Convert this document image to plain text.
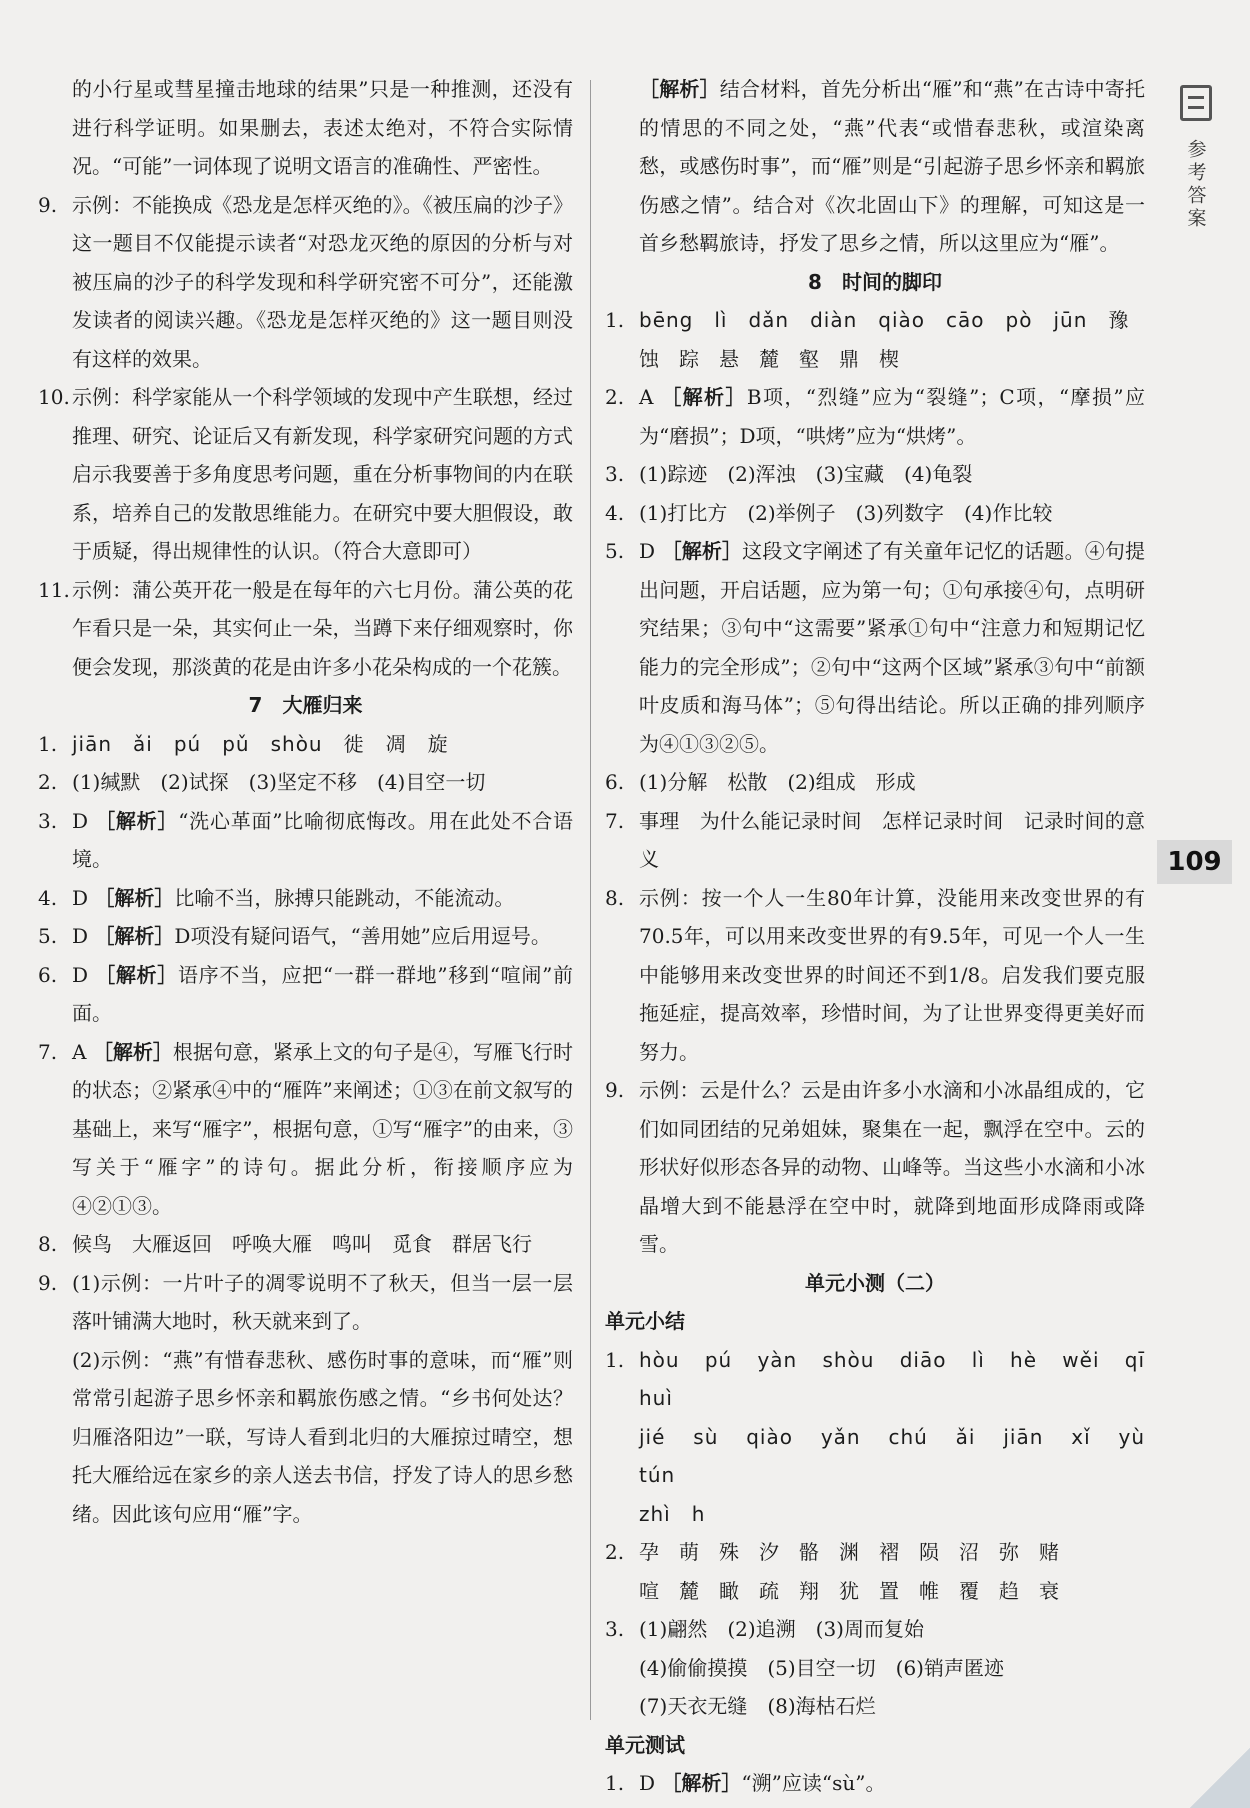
的小行星或彗星撞击地球的结果”只是一种推测，还没有进行科学证明。如果删去，表述太绝对，不符合实际情况。“可能”一词体现了说明文语言的准确性、严密性。

9. 示例：不能换成《恐龙是怎样灭绝的》。《被压扁的沙子》这一题目不仅能提示读者“对恐龙灭绝的原因的分析与对被压扁的沙子的科学发现和科学研究密不可分”，还能激发读者的阅读兴趣。《恐龙是怎样灭绝的》这一题目则没有这样的效果。
10. 示例：科学家能从一个科学领域的发现中产生联想，经过推理、研究、论证后又有新发现，科学家研究问题的方式启示我要善于多角度思考问题，重在分析事物间的内在联系，培养自己的发散思维能力。在研究中要大胆假设，敢于质疑，得出规律性的认识。（符合大意即可）
11. 示例：蒲公英开花一般是在每年的六七月份。蒲公英的花乍看只是一朵，其实何止一朵，当蹲下来仔细观察时，你便会发现，那淡黄的花是由许多小花朵构成的一个花簇。

7　大雁归来

1. jiān　ǎi　pú　pǔ　shòu　徙　凋　旋
2. (1)缄默　(2)试探　(3)坚定不移　(4)目空一切
3. D ［解析］“洗心革面”比喻彻底悔改。用在此处不合语境。
4. D ［解析］比喻不当，脉搏只能跳动，不能流动。
5. D ［解析］D项没有疑问语气，“善用她”应后用逗号。
6. D ［解析］语序不当，应把“一群一群地”移到“喧闹”前面。
7. A ［解析］根据句意，紧承上文的句子是④，写雁飞行时的状态；②紧承④中的“雁阵”来阐述；①③在前文叙写的基础上，来写“雁字”，根据句意，①写“雁字”的由来，③写关于“雁字”的诗句。据此分析，衔接顺序应为④②①③。
8. 候鸟　大雁返回　呼唤大雁　鸣叫　觅食　群居飞行
9. (1)示例：一片叶子的凋零说明不了秋天，但当一层一层落叶铺满大地时，秋天就来到了。
(2)示例：“燕”有惜春悲秋、感伤时事的意味，而“雁”则常常引起游子思乡怀亲和羁旅伤感之情。“乡书何处达？归雁洛阳边”一联，写诗人看到北归的大雁掠过晴空，想托大雁给远在家乡的亲人送去书信，抒发了诗人的思乡愁绪。因此该句应用“雁”字。

［解析］结合材料，首先分析出“雁”和“燕”在古诗中寄托的情思的不同之处，“燕”代表“或惜春悲秋，或渲染离愁，或感伤时事”，而“雁”则是“引起游子思乡怀亲和羁旅伤感之情”。结合对《次北固山下》的理解，可知这是一首乡愁羁旅诗，抒发了思乡之情，所以这里应为“雁”。

8　时间的脚印

1. bēng　lì　dǎn　diàn　qiào　cāo　pò　jūn　豫
蚀　踪　悬　麓　壑　鼎　楔
2. A ［解析］B项，“烈缝”应为“裂缝”；C项，“摩损”应为“磨损”；D项，“哄烤”应为“烘烤”。
3. (1)踪迹　(2)浑浊　(3)宝藏　(4)龟裂
4. (1)打比方　(2)举例子　(3)列数字　(4)作比较
5. D ［解析］这段文字阐述了有关童年记忆的话题。④句提出问题，开启话题，应为第一句；①句承接④句，点明研究结果；③句中“这需要”紧承①句中“注意力和短期记忆能力的完全形成”；②句中“这两个区域”紧承③句中“前额叶皮质和海马体”；⑤句得出结论。所以正确的排列顺序为④①③②⑤。
6. (1)分解　松散　(2)组成　形成
7. 事理　为什么能记录时间　怎样记录时间　记录时间的意义
8. 示例：按一个人一生80年计算，没能用来改变世界的有70.5年，可以用来改变世界的有9.5年，可见一个人一生中能够用来改变世界的时间还不到1/8。启发我们要克服拖延症，提高效率，珍惜时间，为了让世界变得更美好而努力。
9. 示例：云是什么？云是由许多小水滴和小冰晶组成的，它们如同团结的兄弟姐妹，聚集在一起，飘浮在空中。云的形状好似形态各异的动物、山峰等。当这些小水滴和小冰晶增大到不能悬浮在空中时，就降到地面形成降雨或降雪。

单元小测（二）

单元小结

1. hòu　pú　yàn　shòu　diāo　lì　hè　wěi　qī　huì
jié　sù　qiào　yǎn　chú　ǎi　jiān　xǐ　yù　tún
zhì　h
2. 孕　萌　殊　汐　骼　渊　褶　陨　沼　弥　赌
喧　麓　瞰　疏　翔　犹　置　帷　覆　趋　衰
3. (1)翩然　(2)追溯　(3)周而复始
(4)偷偷摸摸　(5)目空一切　(6)销声匿迹
(7)天衣无缝　(8)海枯石烂

单元测试

1. D ［解析］“溯”应读“sù”。
参考答案
109
